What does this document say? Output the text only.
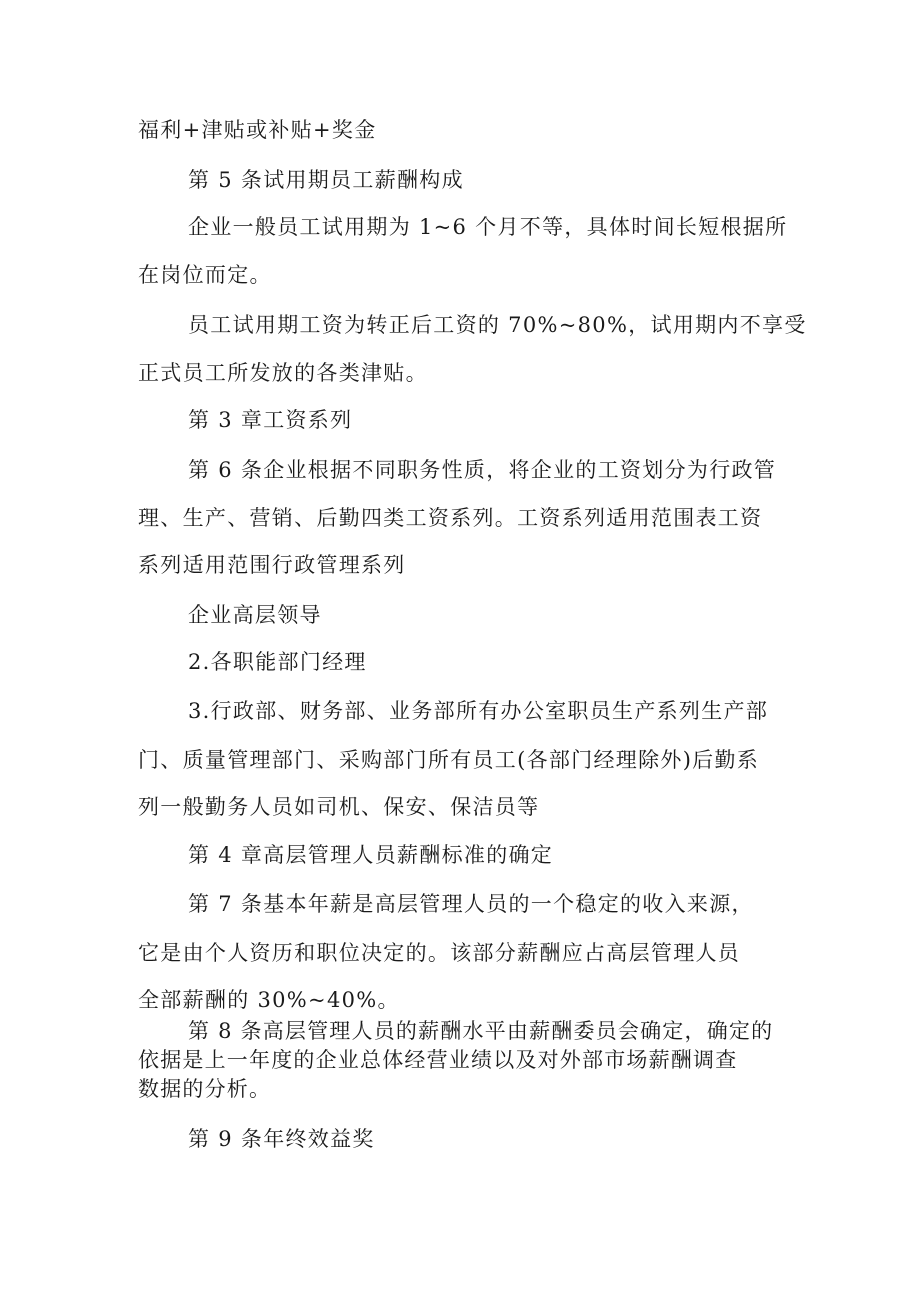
福利+津贴或补贴+奖金
第 5 条试用期员工薪酬构成
企业一般员工试用期为 1~6 个月不等，具体时间长短根据所
在岗位而定。
员工试用期工资为转正后工资的 70%~80%，试用期内不享受
正式员工所发放的各类津贴。
第 3 章工资系列
第 6 条企业根据不同职务性质，将企业的工资划分为行政管
理、生产、营销、后勤四类工资系列。工资系列适用范围表工资
系列适用范围行政管理系列
企业高层领导
2.各职能部门经理
3.行政部、财务部、业务部所有办公室职员生产系列生产部
门、质量管理部门、采购部门所有员工(各部门经理除外)后勤系
列一般勤务人员如司机、保安、保洁员等
第 4 章高层管理人员薪酬标准的确定
第 7 条基本年薪是高层管理人员的一个稳定的收入来源，
它是由个人资历和职位决定的。该部分薪酬应占高层管理人员
全部薪酬的 30%~40%。
第 8 条高层管理人员的薪酬水平由薪酬委员会确定，确定的
依据是上一年度的企业总体经营业绩以及对外部市场薪酬调查
数据的分析。
第 9 条年终效益奖
